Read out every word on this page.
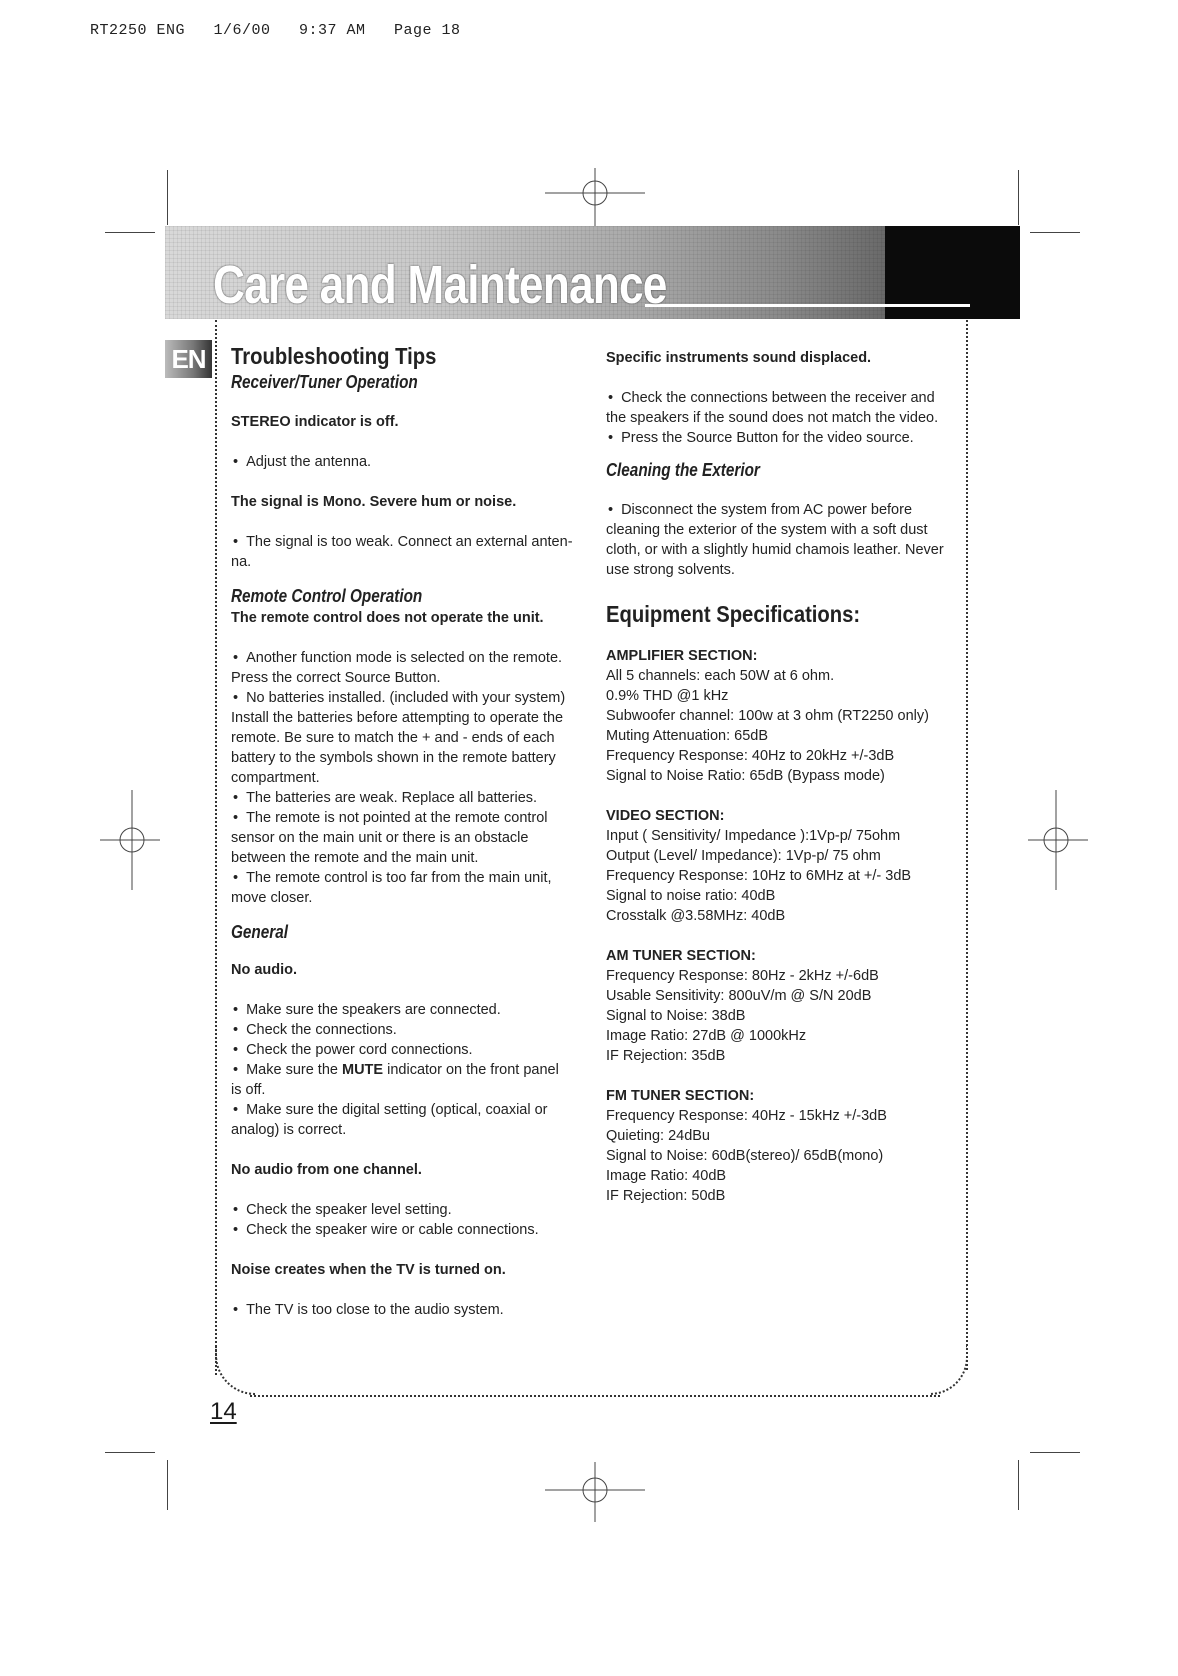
RT2250 ENG   1/6/00   9:37 AM   Page 18
Care and Maintenance
EN Troubleshooting Tips
Receiver/Tuner Operation

STEREO indicator is off.

• Adjust the antenna.

The signal is Mono. Severe hum or noise.

• The signal is too weak. Connect an external anten-

na.

Remote Control Operation

The remote control does not operate the unit.

• Another function mode is selected on the remote.

Press the correct Source Button.

• No batteries installed. (included with your system)

Install the batteries before attempting to operate the

remote. Be sure to match the + and - ends of each

battery to the symbols shown in the remote battery

compartment.

• The batteries are weak. Replace all batteries.

• The remote is not pointed at the remote control

sensor on the main unit or there is an obstacle

between the remote and the main unit.

• The remote control is too far from the main unit,

move closer.

General

No audio.

• Make sure the speakers are connected.

• Check the connections.

• Check the power cord connections.

• Make sure the MUTE indicator on the front panel

is off.

• Make sure the digital setting (optical, coaxial or

analog) is correct.

No audio from one channel.

• Check the speaker level setting.

• Check the speaker wire or cable connections.

Noise creates when the TV is turned on.

• The TV is too close to the audio system.

Specific instruments sound displaced.

• Check the connections between the receiver and

the speakers if the sound does not match the video.

• Press the Source Button for the video source.

Cleaning the Exterior

• Disconnect the system from AC power before

cleaning the exterior of the system with a soft dust

cloth, or with a slightly humid chamois leather. Never

use strong solvents.

Equipment Specifications:

AMPLIFIER SECTION:

All 5 channels: each 50W at 6 ohm.

0.9% THD @1 kHz

Subwoofer channel: 100w at 3 ohm (RT2250 only)

Muting Attenuation: 65dB

Frequency Response: 40Hz to 20kHz +/-3dB

Signal to Noise Ratio: 65dB (Bypass mode)

VIDEO SECTION:

Input ( Sensitivity/ Impedance ):1Vp-p/ 75ohm

Output (Level/ Impedance): 1Vp-p/ 75 ohm

Frequency Response: 10Hz to 6MHz at +/- 3dB

Signal to noise ratio: 40dB

Crosstalk @3.58MHz: 40dB

AM TUNER SECTION:

Frequency Response: 80Hz - 2kHz +/-6dB

Usable Sensitivity: 800uV/m @ S/N 20dB

Signal to Noise: 38dB

Image Ratio: 27dB @ 1000kHz

IF Rejection: 35dB

FM TUNER SECTION:

Frequency Response: 40Hz - 15kHz +/-3dB

Quieting: 24dBu

Signal to Noise: 60dB(stereo)/ 65dB(mono)

Image Ratio: 40dB

IF Rejection: 50dB

14
